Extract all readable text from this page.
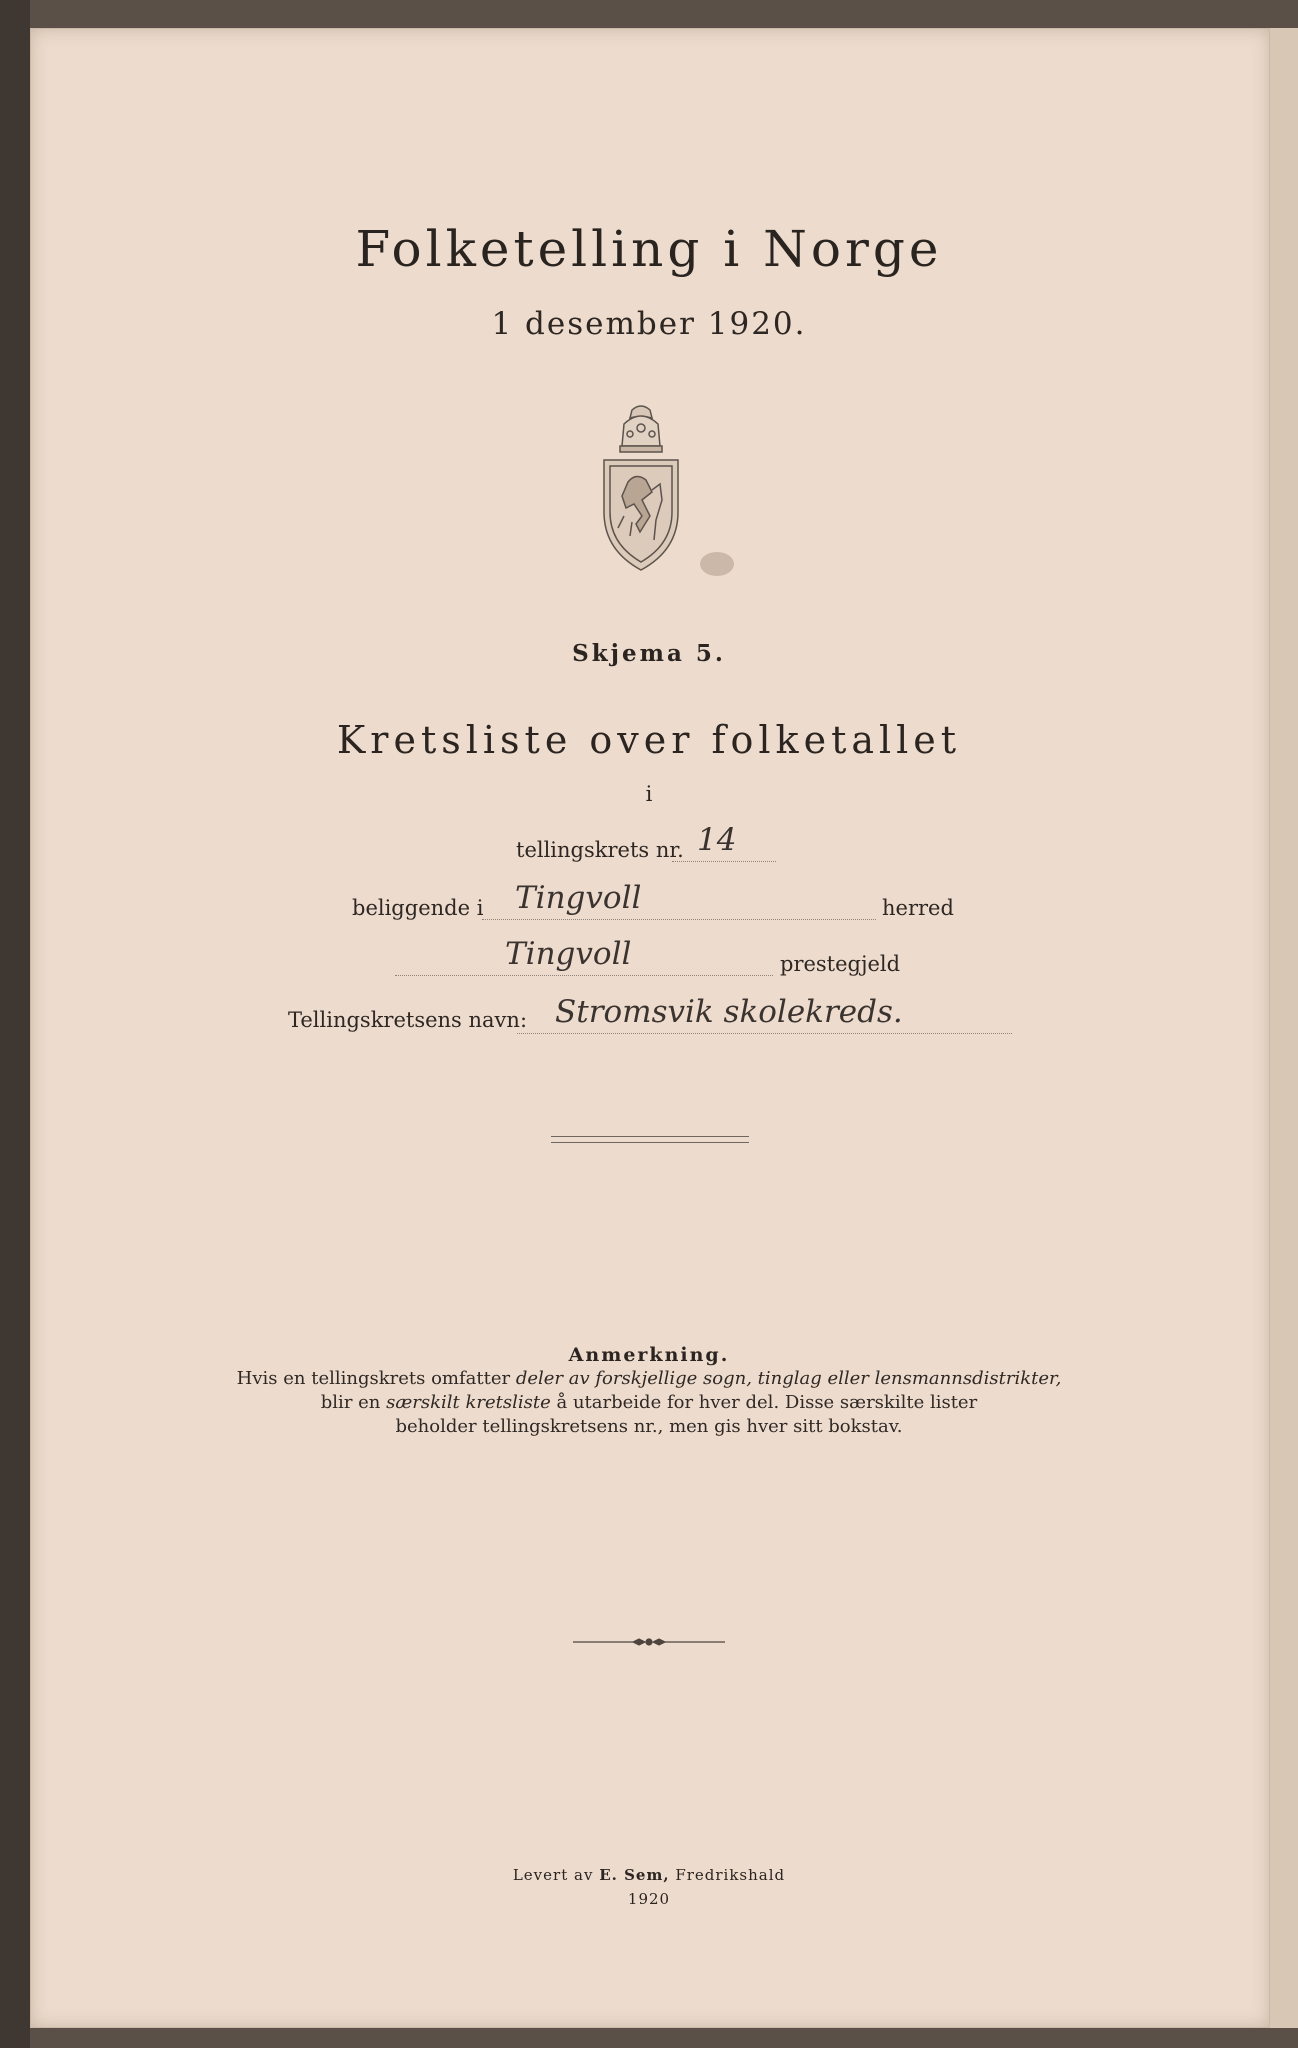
Folketelling i Norge
1 desember 1920.
Skjema 5.
Kretsliste over folketallet
i
tellingskrets nr. 14
beliggende i Tingvoll	herred
Tingvoll	prestegjeld
Tellingskretsens navn: Stromsvik skolekreds.
Anmerkning.
Hvis en tellingskrets omfatter deler av forskjellige sogn, tinglag eller lensmannsdistrikter,
blir en særskilt kretsliste å utarbeide for hver del. Disse særskilte lister
beholder tellingskretsens nr., men gis hver sitt bokstav.
Levert av E. Sem, Fredrikshald
1920
